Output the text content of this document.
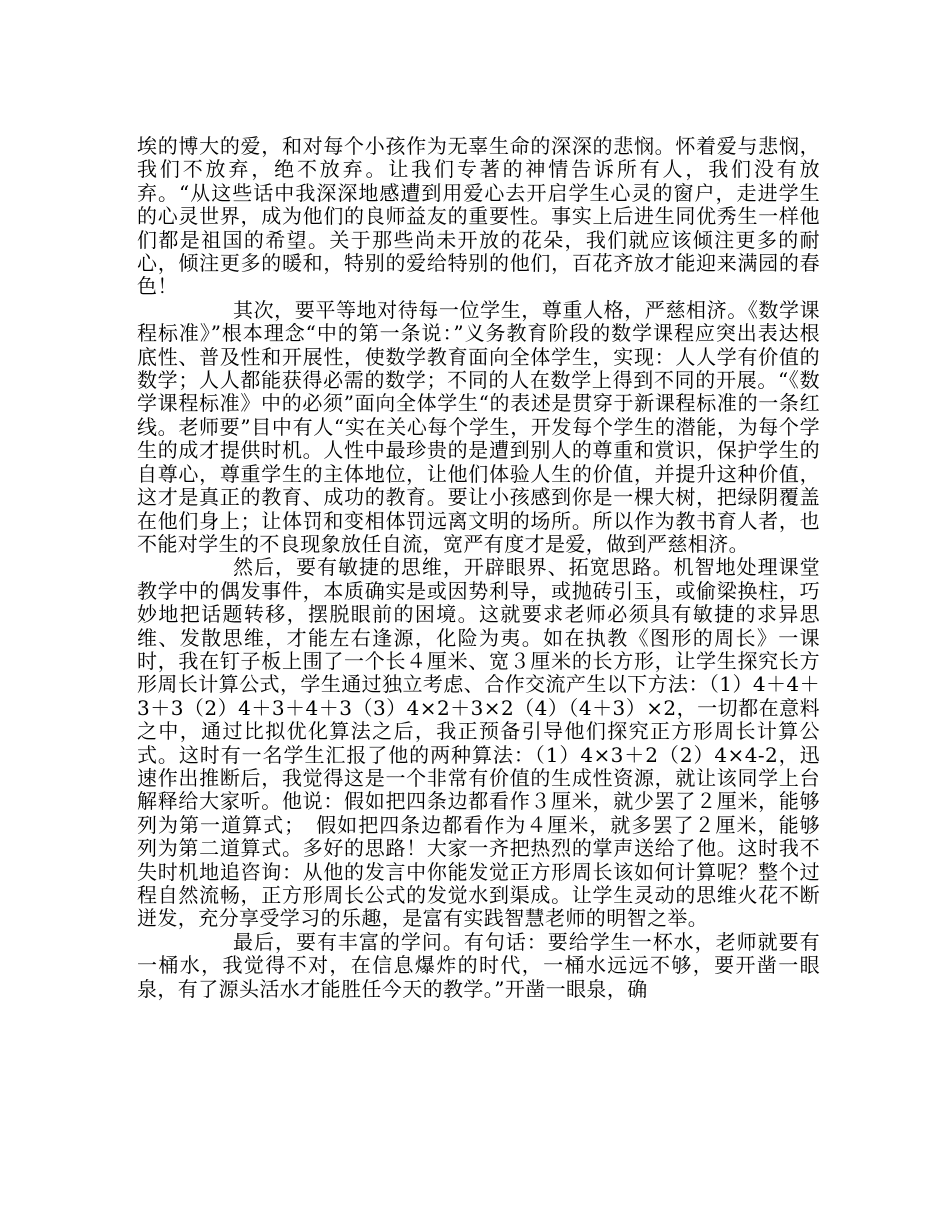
埃的博大的爱，和对每个小孩作为无辜生命的深深的悲悯。怀着爱与悲悯，我们不放弃，绝不放弃。让我们专著的神情告诉所有人，我们没有放弃。“从这些话中我深深地感遭到用爱心去开启学生心灵的窗户，走进学生的心灵世界，成为他们的良师益友的重要性。事实上后进生同优秀生一样他们都是祖国的希望。关于那些尚未开放的花朵，我们就应该倾注更多的耐心，倾注更多的暖和，特别的爱给特别的他们，百花齐放才能迎来满园的春色！

其次，要平等地对待每一位学生，尊重人格，严慈相济。《数学课程标准》”根本理念“中的第一条说：”义务教育阶段的数学课程应突出表达根底性、普及性和开展性，使数学教育面向全体学生，实现：人人学有价值的数学；人人都能获得必需的数学；不同的人在数学上得到不同的开展。“《数学课程标准》中的必须”面向全体学生“的表述是贯穿于新课程标准的一条红线。老师要”目中有人“实在关心每个学生，开发每个学生的潜能，为每个学生的成才提供时机。人性中最珍贵的是遭到别人的尊重和赏识，保护学生的自尊心，尊重学生的主体地位，让他们体验人生的价值，并提升这种价值，这才是真正的教育、成功的教育。要让小孩感到你是一棵大树，把绿阴覆盖在他们身上；让体罚和变相体罚远离文明的场所。所以作为教书育人者，也不能对学生的不良现象放任自流，宽严有度才是爱，做到严慈相济。

然后，要有敏捷的思维，开辟眼界、拓宽思路。机智地处理课堂教学中的偶发事件，本质确实是或因势利导，或抛砖引玉，或偷梁换柱，巧妙地把话题转移，摆脱眼前的困境。这就要求老师必须具有敏捷的求异思维、发散思维，才能左右逢源，化险为夷。如在执教《图形的周长》一课时，我在钉子板上围了一个长４厘米、宽３厘米的长方形，让学生探究长方形周长计算公式，学生通过独立考虑、合作交流产生以下方法：（1）4＋4＋3＋3（2）4＋3＋4＋3（3）4×2＋3×2（4）（4＋3）×2，一切都在意料之中，通过比拟优化算法之后，我正预备引导他们探究正方形周长计算公式。这时有一名学生汇报了他的两种算法：（1）4×3＋2（2）4×4-2，迅速作出推断后，我觉得这是一个非常有价值的生成性资源，就让该同学上台解释给大家听。他说：假如把四条边都看作３厘米，就少罢了２厘米，能够列为第一道算式；　假如把四条边都看作为４厘米，就多罢了２厘米，能够列为第二道算式。多好的思路！大家一齐把热烈的掌声送给了他。这时我不失时机地追咨询：从他的发言中你能发觉正方形周长该如何计算呢？整个过程自然流畅，正方形周长公式的发觉水到渠成。让学生灵动的思维火花不断迸发，充分享受学习的乐趣，是富有实践智慧老师的明智之举。

最后，要有丰富的学问。有句话：要给学生一杯水，老师就要有一桶水，我觉得不对，在信息爆炸的时代，一桶水远远不够，要开凿一眼泉，有了源头活水才能胜任今天的教学。”开凿一眼泉，确
